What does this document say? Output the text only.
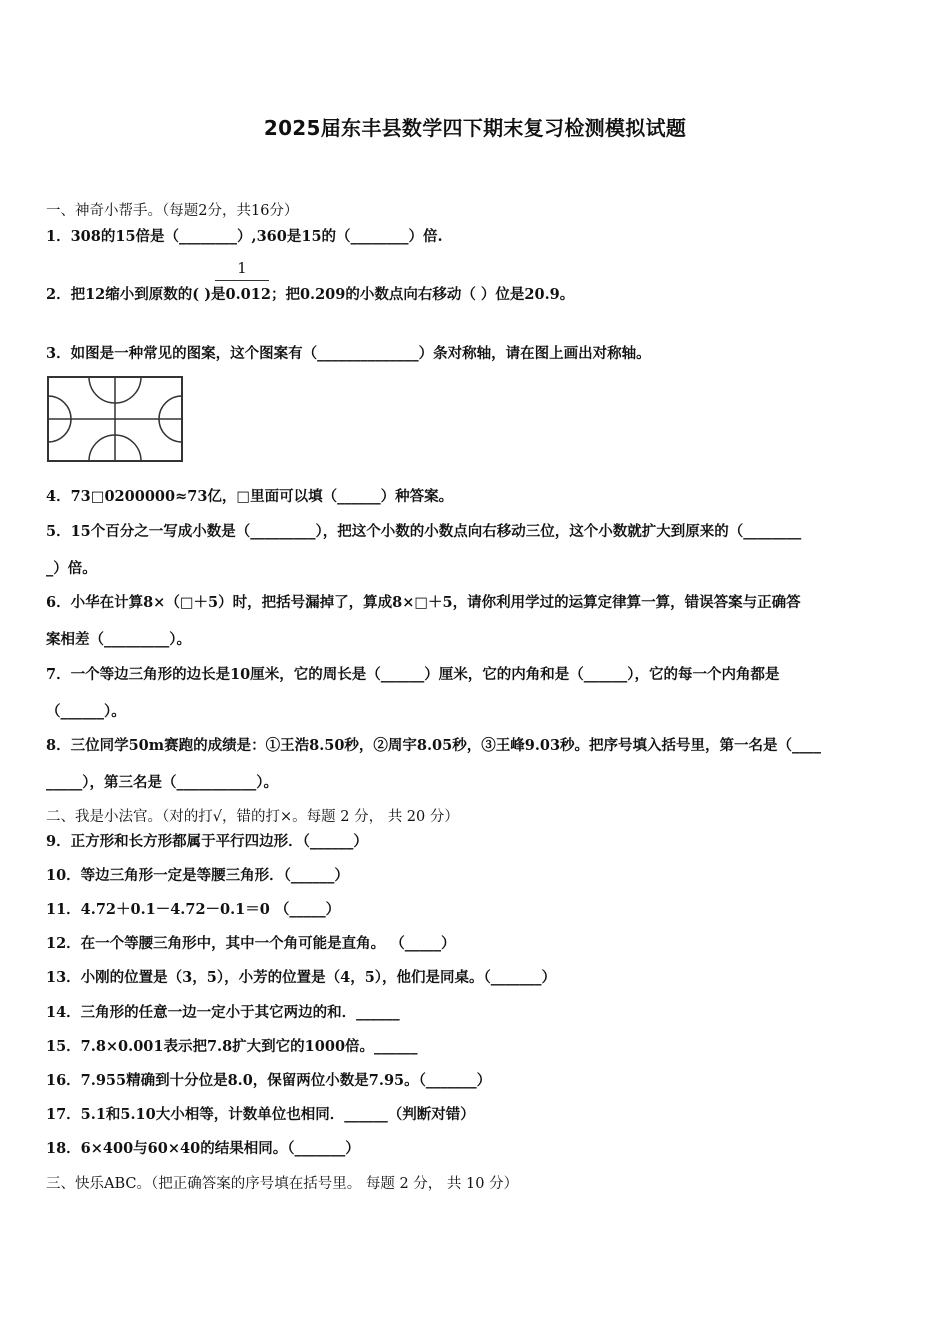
2025届东丰县数学四下期末复习检测模拟试题
一、神奇小帮手。（每题2分，共16分）
1．308的15倍是（________）,360是15的（________）倍.
1
2．把12缩小到原数的( )是0.012；把0.209的小数点向右移动（ ）位是20.9。
3．如图是一种常见的图案，这个图案有（______________）条对称轴，请在图上画出对称轴。
4．73□0200000≈73亿，□里面可以填（______）种答案。
5．15个百分之一写成小数是（_________），把这个小数的小数点向右移动三位，这个小数就扩大到原来的（________
_）倍。
6．小华在计算8×（□＋5）时，把括号漏掉了，算成8×□＋5，请你利用学过的运算定律算一算，错误答案与正确答
案相差（_________）。
7．一个等边三角形的边长是10厘米，它的周长是（______）厘米，它的内角和是（______），它的每一个内角都是
（______）。
8．三位同学50m赛跑的成绩是：①王浩8.50秒，②周宇8.05秒，③王峰9.03秒。把序号填入括号里，第一名是（____
_____），第三名是（___________）。
二、我是小法官。（对的打√，错的打×。每题 2 分， 共 20 分）
9．正方形和长方形都属于平行四边形．（______）
10．等边三角形一定是等腰三角形．（______）
11．4.72＋0.1－4.72－0.1＝0 （_____）
12．在一个等腰三角形中，其中一个角可能是直角。 （_____）
13．小刚的位置是（3，5），小芳的位置是（4，5），他们是同桌。（_______）
14．三角形的任意一边一定小于其它两边的和．______
15．7.8×0.001表示把7.8扩大到它的1000倍。______
16．7.955精确到十分位是8.0，保留两位小数是7.95。（_______）
17．5.1和5.10大小相等，计数单位也相同．______（判断对错）
18．6×400与60×40的结果相同。（_______）
三、快乐ABC。（把正确答案的序号填在括号里。 每题 2 分， 共 10 分）
